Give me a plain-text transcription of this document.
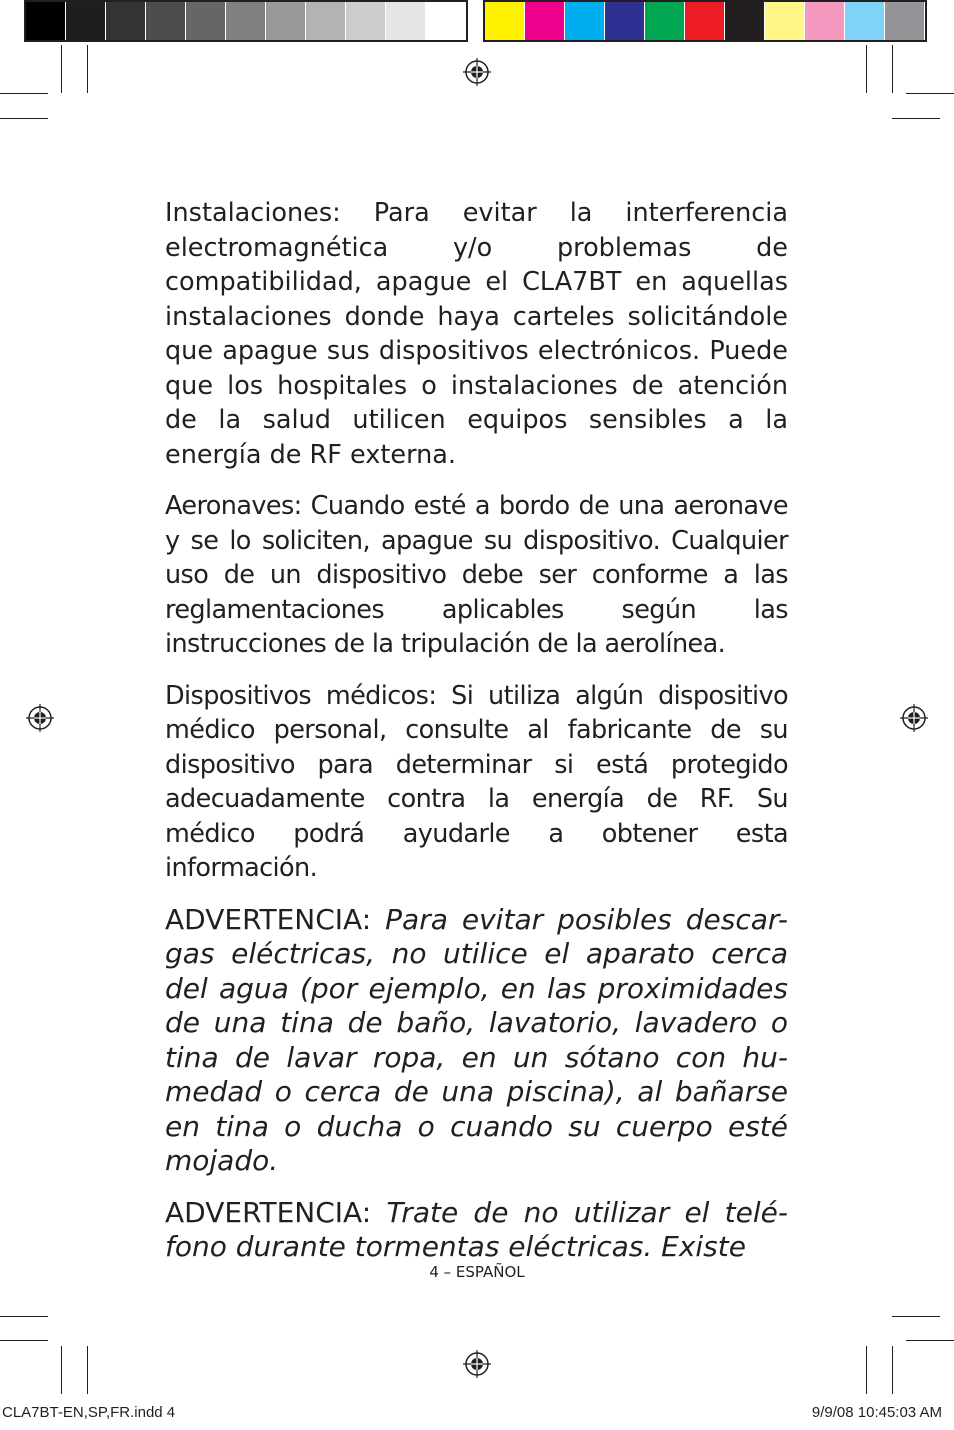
Instalaciones: Para evitar la interferencia electromagnética y/o problemas de compatibilidad, apague el CLA7BT en aquellas instalaciones donde haya carteles solicitándole que apague sus dispositivos electrónicos. Puede que los hospitales o instalaciones de atención de la salud utilicen equipos sensibles a la energía de RF externa.

Aeronaves: Cuando esté a bordo de una aeronave y se lo soliciten, apague su dispositivo. Cualquier uso de un dispositivo debe ser conforme a las reglamentaciones aplicables según las instrucciones de la tripulación de la aerolínea.

Dispositivos médicos: Si utiliza algún dispositivo médico personal, consulte al fabricante de su dispositivo para determinar si está protegido adecuadamente contra la energía de RF. Su médico podrá ayudarle a obtener esta información.

ADVERTENCIA: Para evitar posibles descar-gas eléctricas, no utilice el aparato cerca del agua (por ejemplo, en las proximidades de una tina de baño, lavatorio, lavadero o tina de lavar ropa, en un sótano con hu-medad o cerca de una piscina), al bañarse en tina o ducha o cuando su cuerpo esté mojado.

ADVERTENCIA: Trate de no utilizar el telé-fono durante tormentas eléctricas. Existe

4 – ESPAÑOL
CLA7BT-EN,SP,FR.indd 4	9/9/08 10:45:03 AM
